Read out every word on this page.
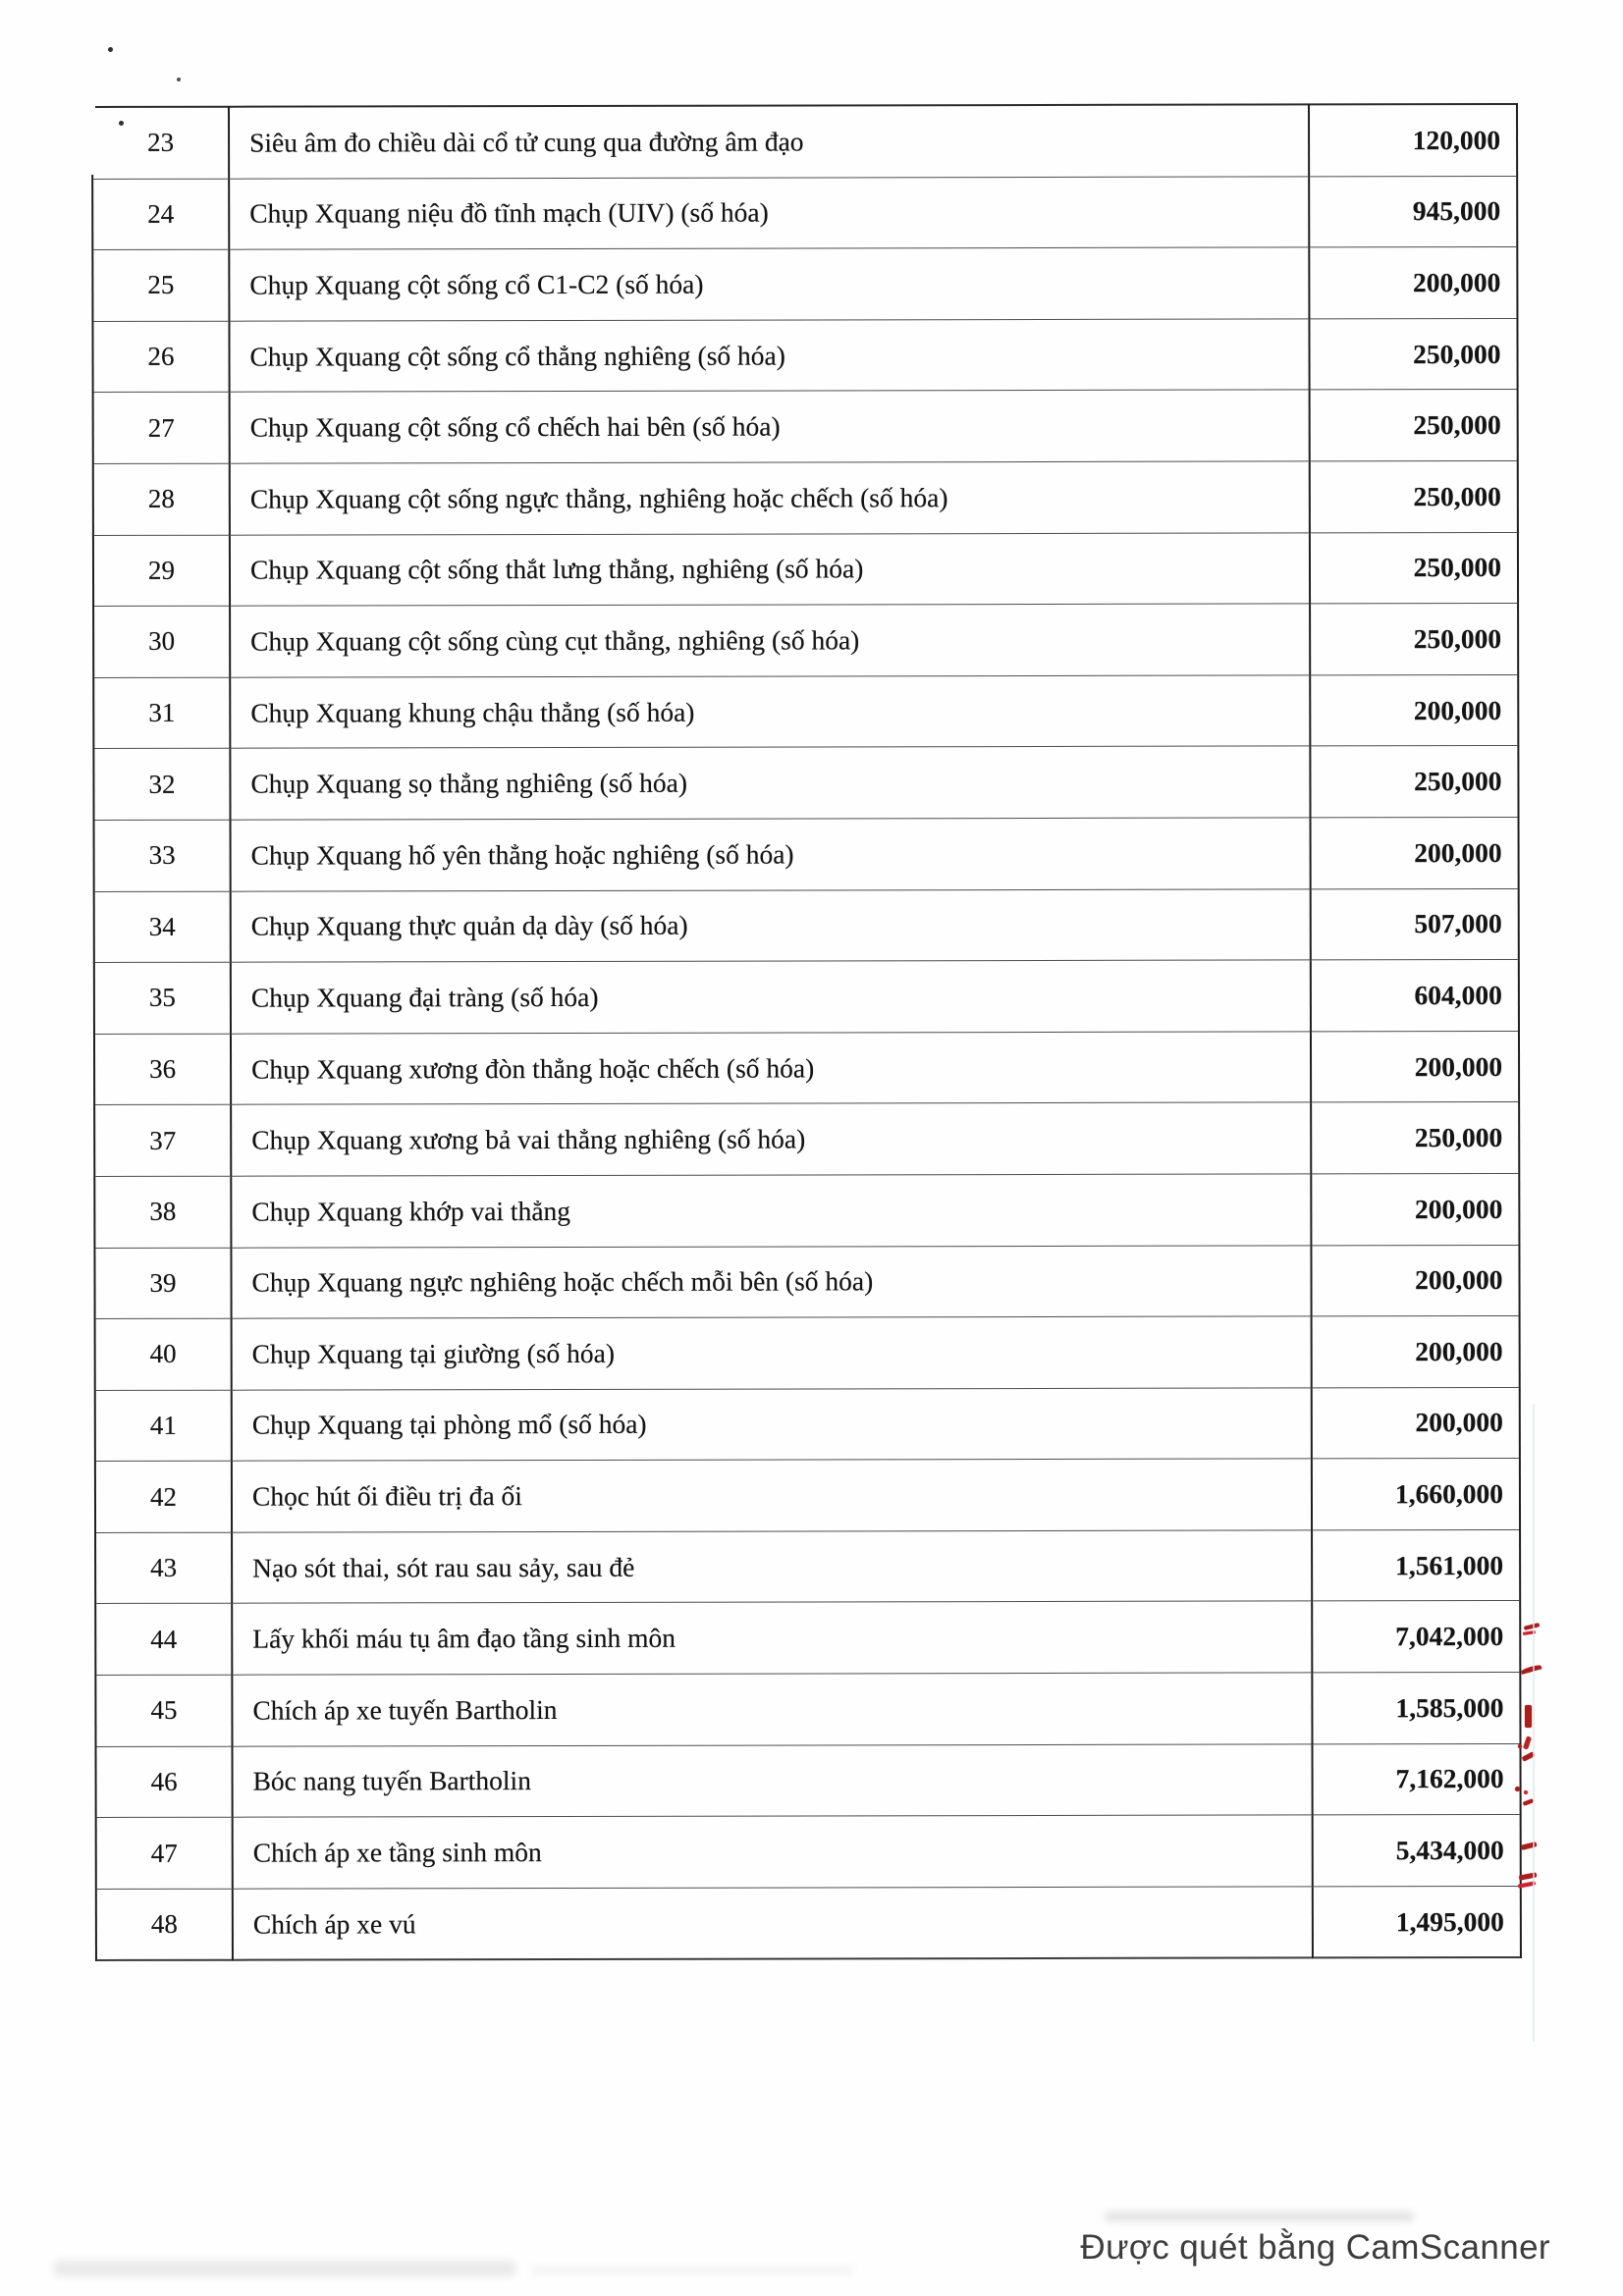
23	Siêu âm đo chiều dài cổ tử cung qua đường âm đạo	120,000
24	Chụp Xquang niệu đồ tĩnh mạch (UIV) (số hóa)	945,000
25	Chụp Xquang cột sống cổ C1-C2 (số hóa)	200,000
26	Chụp Xquang cột sống cổ thẳng nghiêng (số hóa)	250,000
27	Chụp Xquang cột sống cổ chếch hai bên (số hóa)	250,000
28	Chụp Xquang cột sống ngực thẳng, nghiêng hoặc chếch (số hóa)	250,000
29	Chụp Xquang cột sống thắt lưng thẳng, nghiêng (số hóa)	250,000
30	Chụp Xquang cột sống cùng cụt thẳng, nghiêng (số hóa)	250,000
31	Chụp Xquang khung chậu thẳng (số hóa)	200,000
32	Chụp Xquang sọ thẳng nghiêng (số hóa)	250,000
33	Chụp Xquang hố yên thẳng hoặc nghiêng (số hóa)	200,000
34	Chụp Xquang thực quản dạ dày (số hóa)	507,000
35	Chụp Xquang đại tràng (số hóa)	604,000
36	Chụp Xquang xương đòn thẳng hoặc chếch (số hóa)	200,000
37	Chụp Xquang xương bả vai thẳng nghiêng (số hóa)	250,000
38	Chụp Xquang khớp vai thẳng	200,000
39	Chụp Xquang ngực nghiêng hoặc chếch mỗi bên (số hóa)	200,000
40	Chụp Xquang tại giường (số hóa)	200,000
41	Chụp Xquang tại phòng mổ (số hóa)	200,000
42	Chọc hút ối điều trị đa ối	1,660,000
43	Nạo sót thai, sót rau sau sảy, sau đẻ	1,561,000
44	Lấy khối máu tụ âm đạo tầng sinh môn	7,042,000
45	Chích áp xe tuyến Bartholin	1,585,000
46	Bóc nang tuyến Bartholin	7,162,000
47	Chích áp xe tầng sinh môn	5,434,000
48	Chích áp xe vú	1,495,000
Được quét bằng CamScanner
